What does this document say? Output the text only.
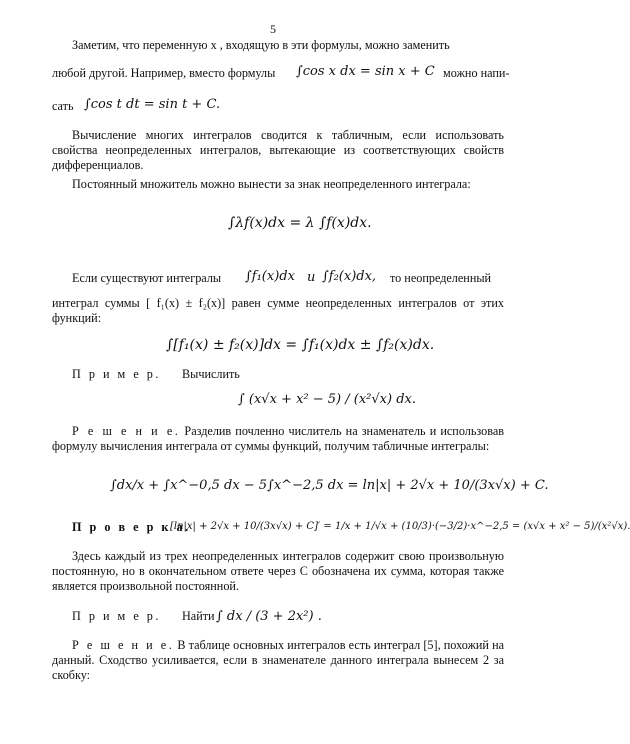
5
Заметим, что переменную x , входящую в эти формулы, можно заменить
любой другой. Например, вместо формулы ∫cos x dx = sin x + C можно напи-
сать ∫cos t dt = sin t + C.
Вычисление многих интегралов сводится к табличным, если использовать свойства неопределенных интегралов, вытекающие из соответствующих свойств дифференциалов.
Постоянный множитель можно вынести за знак неопределенного интеграла:
∫λf(x)dx = λ ∫f(x)dx.
Если существуют интегралы ∫f₁(x)dx и ∫f₂(x)dx, то неопределенный
интеграл суммы [ f₁(x) ± f₂(x)] равен сумме неопределенных интегралов от этих функций:
∫[f₁(x) ± f₂(x)]dx = ∫f₁(x)dx ± ∫f₂(x)dx.
П р и м е р. Вычислить
∫ (x√x + x² − 5) / (x²√x) dx.
Р е ш е н и е. Разделив почленно числитель на знаменатель и использовав формулу вычисления интеграла от суммы функций, получим табличные интегралы:
∫dx/x + ∫x^−0,5 dx − 5∫x^−2,5 dx = ln|x| + 2√x + 10/(3x√x) + C.
П р о в е р к а.
[ln|x| + 2√x + 10/(3x√x) + C]′ = 1/x + 1/√x + (10/3)·(−3/2)·x^−2,5 = (x√x + x² − 5)/(x²√x).
Здесь каждый из трех неопределенных интегралов содержит свою произвольную постоянную, но в окончательном ответе через C обозначена их сумма, которая также является произвольной постоянной.
П р и м е р. Найти ∫ dx / (3 + 2x²) .
Р е ш е н и е. В таблице основных интегралов есть интеграл [5], похожий на данный. Сходство усиливается, если в знаменателе данного интеграла вынесем 2 за скобку:
